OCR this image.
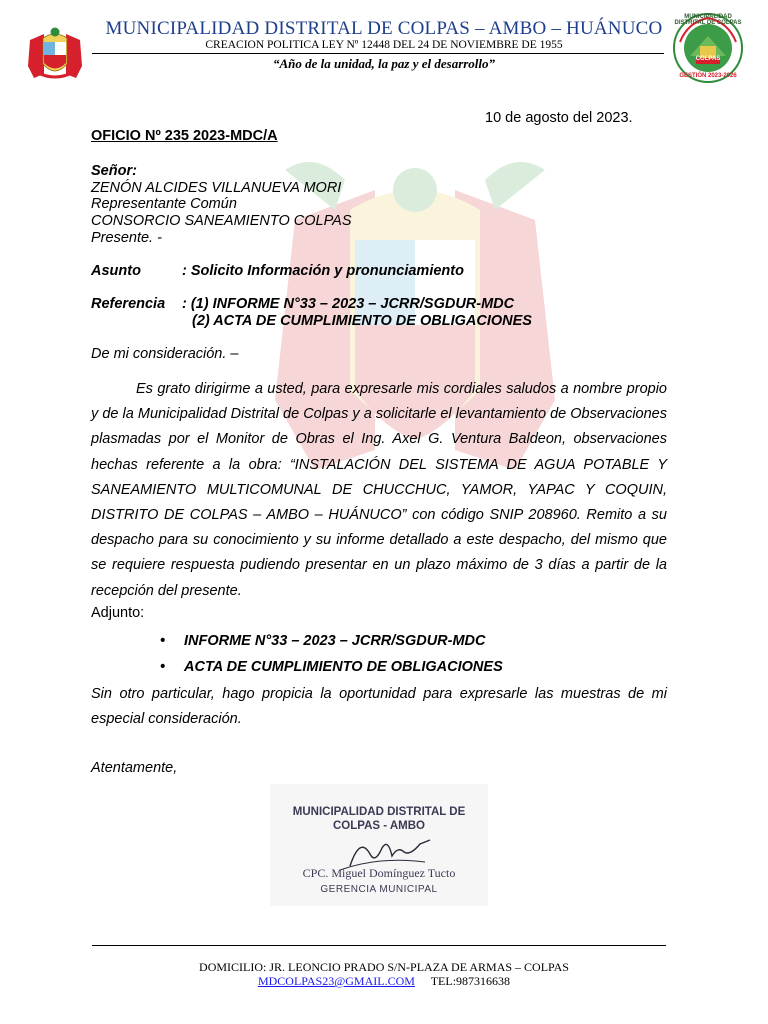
MUNICIPALIDAD DISTRITAL DE COLPAS
COLPAS
GESTIÓN 2023-2026
MUNICIPALIDAD DISTRITAL DE COLPAS – AMBO – HUÁNUCO
CREACION POLITICA LEY Nº 12448 DEL 24 DE NOVIEMBRE DE 1955
“Año de la unidad, la paz y el desarrollo”
10 de agosto del 2023.
OFICIO Nº 235 2023-MDC/A
Señor:
ZENÓN ALCIDES VILLANUEVA MORI
Representante Común
CONSORCIO SANEAMIENTO COLPAS
Presente. -
Asunto	: Solicito Información y pronunciamiento
Referencia : (1) INFORME N°33 – 2023 – JCRR/SGDUR-MDC
(2) ACTA DE CUMPLIMIENTO DE OBLIGACIONES
De mi consideración. –
Es grato dirigirme a usted, para expresarle mis cordiales saludos a nombre propio y de la Municipalidad Distrital de Colpas y a solicitarle el levantamiento de Observaciones plasmadas por el Monitor de Obras el Ing. Axel G. Ventura Baldeon, observaciones hechas referente a la obra: “INSTALACIÓN DEL SISTEMA DE AGUA POTABLE Y SANEAMIENTO MULTICOMUNAL DE CHUCCHUC, YAMOR, YAPAC Y COQUIN, DISTRITO DE COLPAS – AMBO – HUÁNUCO” con código SNIP 208960. Remito a su despacho para su conocimiento y su informe detallado a este despacho, del mismo que se requiere respuesta pudiendo presentar en un plazo máximo de 3 días a partir de la recepción del presente.
Adjunto:
• INFORME N°33 – 2023 – JCRR/SGDUR-MDC
• ACTA DE CUMPLIMIENTO DE OBLIGACIONES
Sin otro particular, hago propicia la oportunidad para expresarle las muestras de mi especial consideración.
Atentamente,
MUNICIPALIDAD DISTRITAL DE
COLPAS - AMBO
CPC. Miguel Domínguez Tucto
GERENCIA MUNICIPAL
DOMICILIO: JR. LEONCIO PRADO S/N-PLAZA DE ARMAS – COLPAS
MDCOLPAS23@GMAIL.COM TEL:987316638
